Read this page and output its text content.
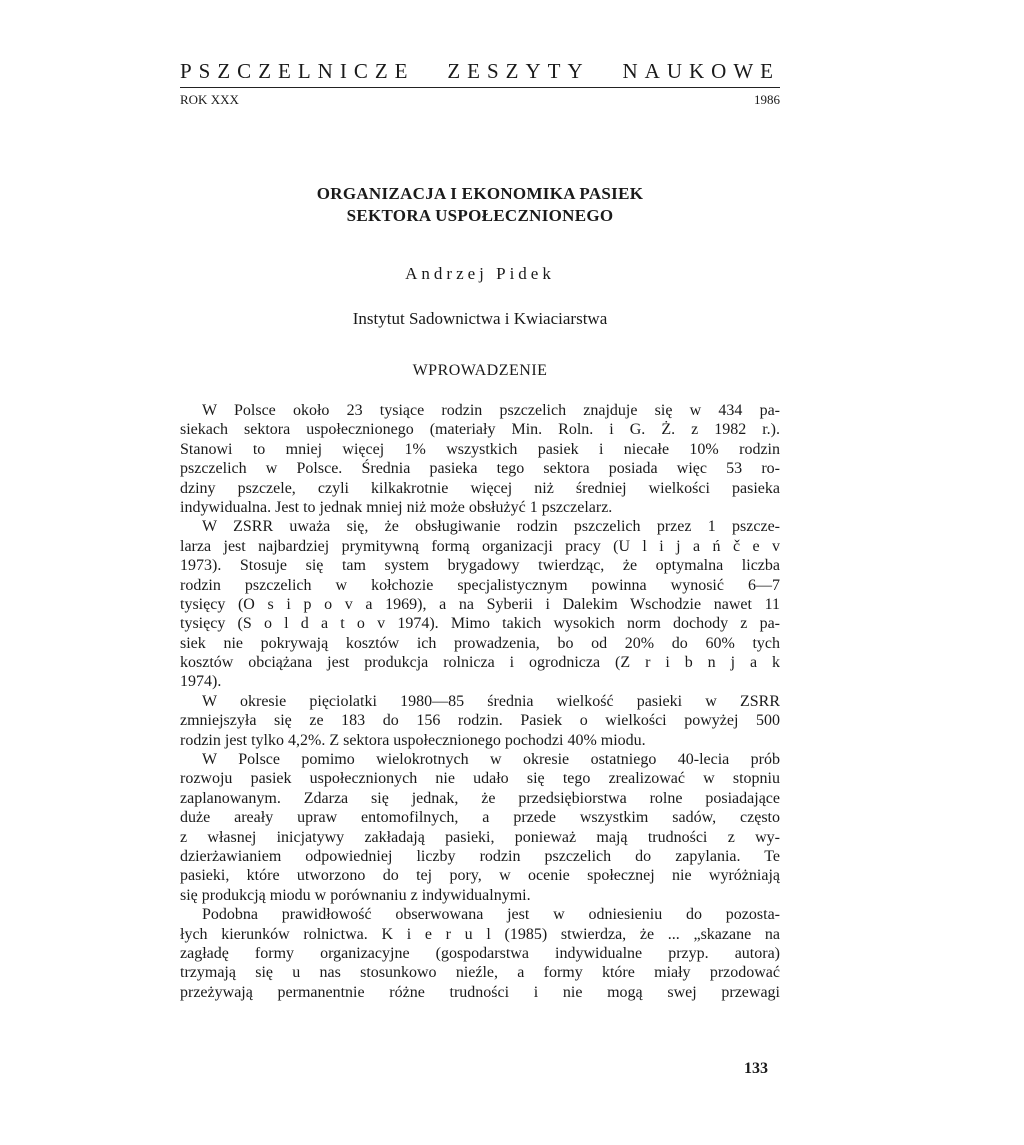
PSZCZELNICZE ZESZYTY NAUKOWE
ROK XXX	1986
ORGANIZACJA I EKONOMIKA PASIEK
SEKTORA USPOŁECZNIONEGO
Andrzej Pidek
Instytut Sadownictwa i Kwiaciarstwa
WPROWADZENIE
W Polsce około 23 tysiące rodzin pszczelich znajduje się w 434 pa-
siekach sektora uspołecznionego (materiały Min. Roln. i G. Ż. z 1982 r.).
Stanowi to mniej więcej 1% wszystkich pasiek i niecałe 10% rodzin
pszczelich w Polsce. Średnia pasieka tego sektora posiada więc 53 ro-
dziny pszczele, czyli kilkakrotnie więcej niż średniej wielkości pasieka
indywidualna. Jest to jednak mniej niż może obsłużyć 1 pszczelarz.
W ZSRR uważa się, że obsługiwanie rodzin pszczelich przez 1 pszcze-
larza jest najbardziej prymitywną formą organizacji pracy (U l i j a ń č e v
1973). Stosuje się tam system brygadowy twierdząc, że optymalna liczba
rodzin pszczelich w kołchozie specjalistycznym powinna wynosić 6—7
tysięcy (O s i p o v a 1969), a na Syberii i Dalekim Wschodzie nawet 11
tysięcy (S o l d a t o v 1974). Mimo takich wysokich norm dochody z pa-
siek nie pokrywają kosztów ich prowadzenia, bo od 20% do 60% tych
kosztów obciążana jest produkcja rolnicza i ogrodnicza (Z r i b n j a k
1974).
W okresie pięciolatki 1980—85 średnia wielkość pasieki w ZSRR
zmniejszyła się ze 183 do 156 rodzin. Pasiek o wielkości powyżej 500
rodzin jest tylko 4,2%. Z sektora uspołecznionego pochodzi 40% miodu.
W Polsce pomimo wielokrotnych w okresie ostatniego 40-lecia prób
rozwoju pasiek uspołecznionych nie udało się tego zrealizować w stopniu
zaplanowanym. Zdarza się jednak, że przedsiębiorstwa rolne posiadające
duże areały upraw entomofilnych, a przede wszystkim sadów, często
z własnej inicjatywy zakładają pasieki, ponieważ mają trudności z wy-
dzierżawianiem odpowiedniej liczby rodzin pszczelich do zapylania. Te
pasieki, które utworzono do tej pory, w ocenie społecznej nie wyróżniają
się produkcją miodu w porównaniu z indywidualnymi.
Podobna prawidłowość obserwowana jest w odniesieniu do pozosta-
łych kierunków rolnictwa. K i e r u l (1985) stwierdza, że ... „skazane na
zagładę formy organizacyjne (gospodarstwa indywidualne przyp. autora)
trzymają się u nas stosunkowo nieźle, a formy które miały przodować
przeżywają permanentnie różne trudności i nie mogą swej przewagi
133
